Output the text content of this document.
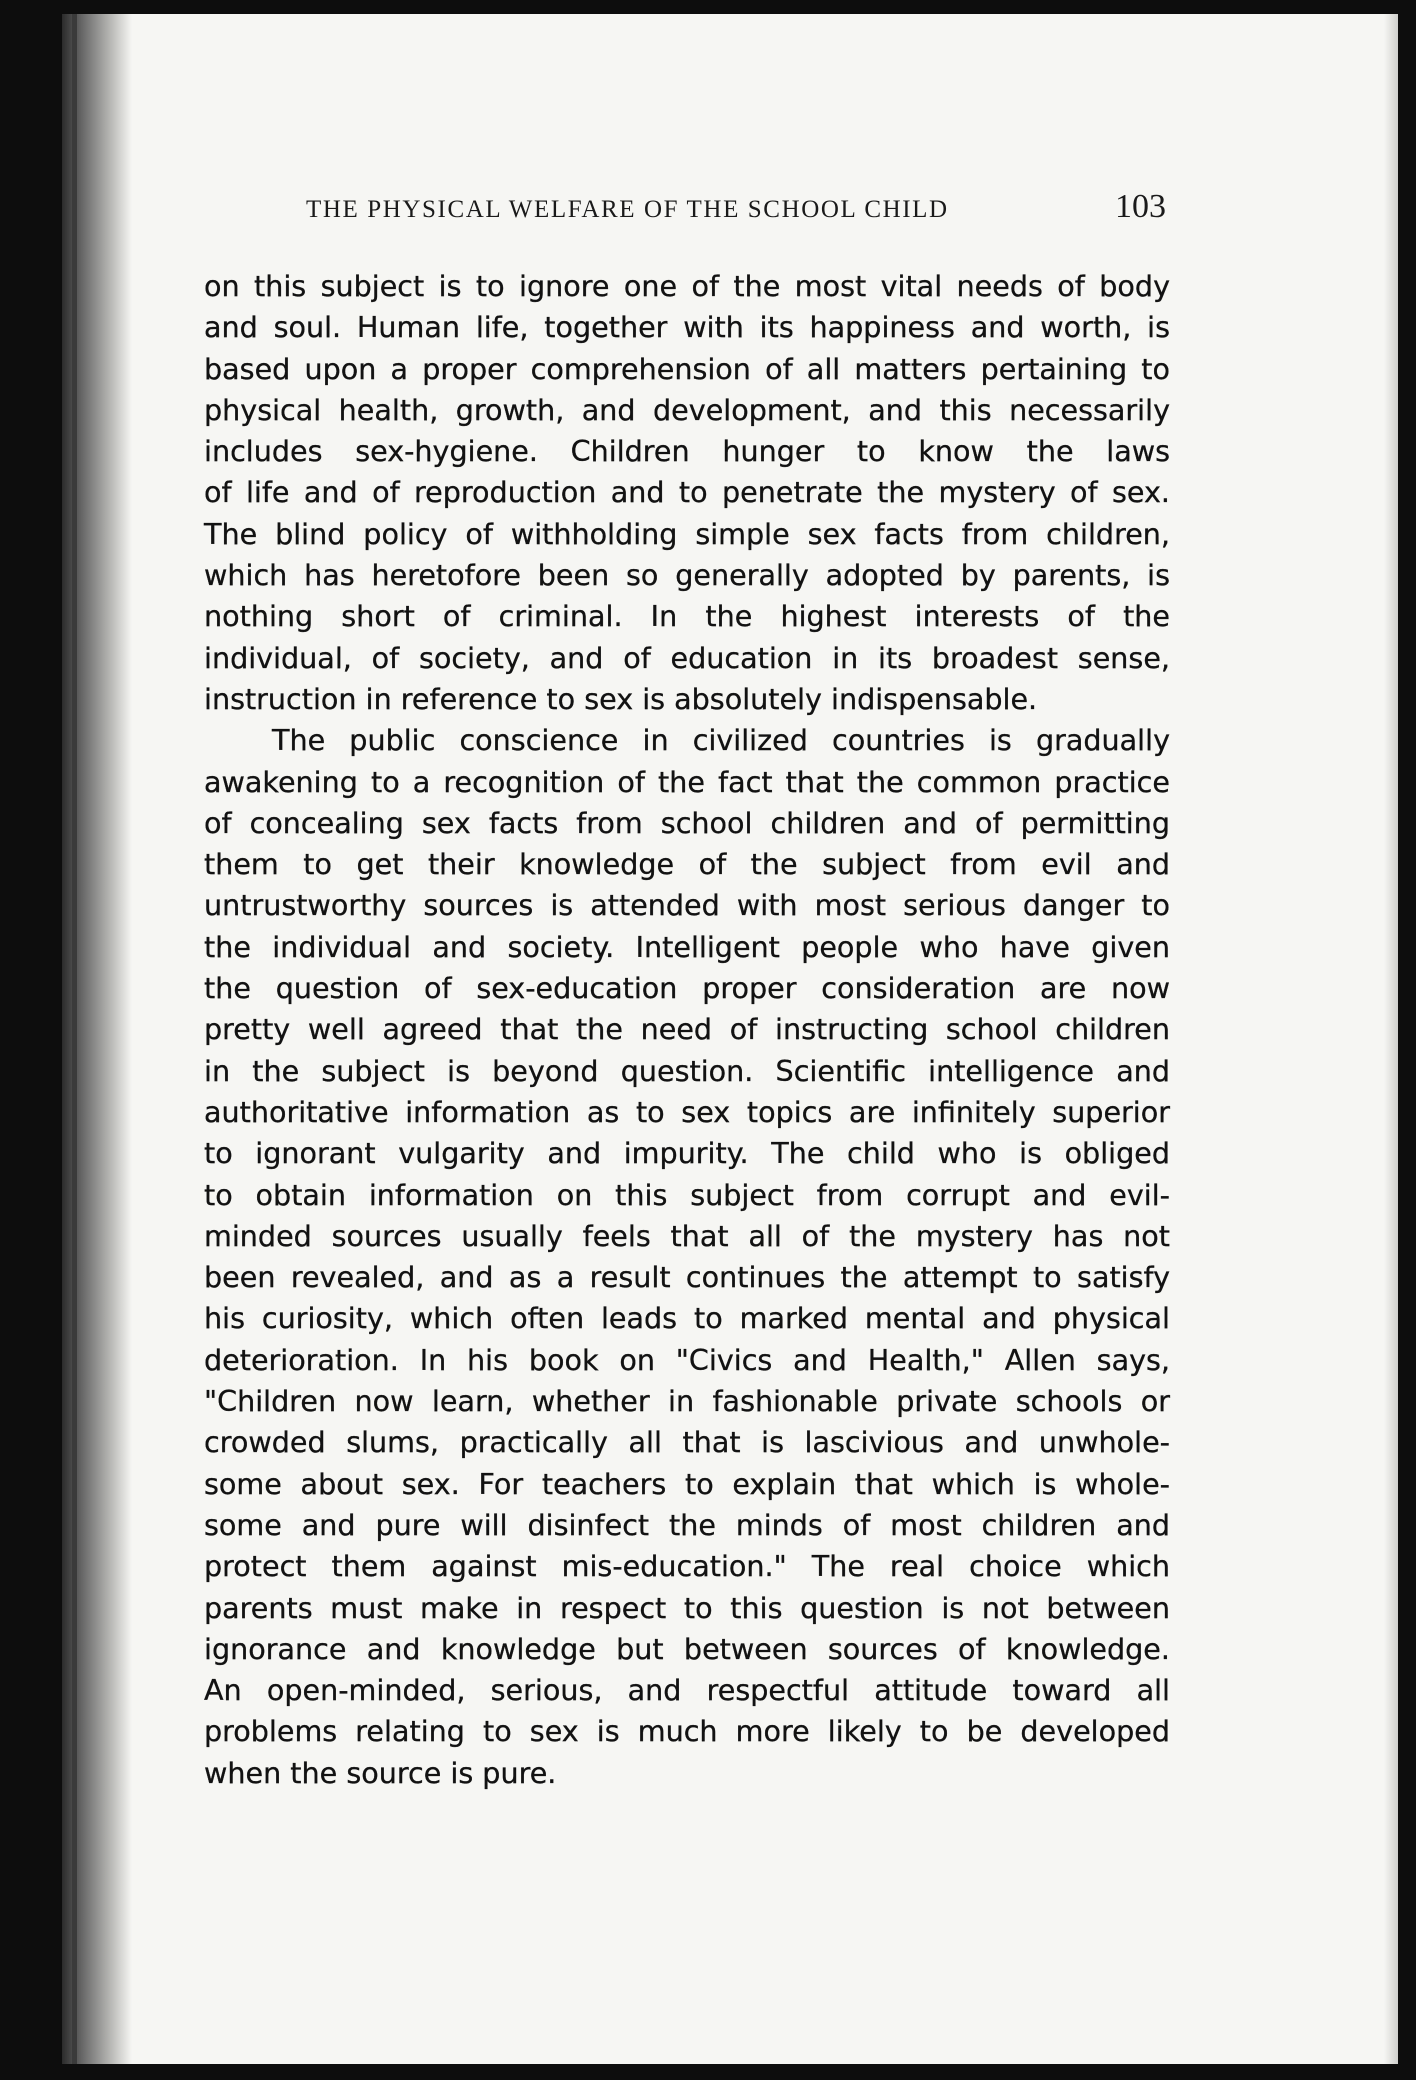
THE PHYSICAL WELFARE OF THE SCHOOL CHILD	103
on this subject is to ignore one of the most vital needs of body
and soul. Human life, together with its happiness and worth, is
based upon a proper comprehension of all matters pertaining to
physical health, growth, and development, and this necessarily
includes sex-hygiene. Children hunger to know the laws
of life and of reproduction and to penetrate the mystery of sex.
The blind policy of withholding simple sex facts from children,
which has heretofore been so generally adopted by parents, is
nothing short of criminal. In the highest interests of the
individual, of society, and of education in its broadest sense,
instruction in reference to sex is absolutely indispensable.
The public conscience in civilized countries is gradually
awakening to a recognition of the fact that the common practice
of concealing sex facts from school children and of permitting
them to get their knowledge of the subject from evil and
untrustworthy sources is attended with most serious danger to
the individual and society. Intelligent people who have given
the question of sex-education proper consideration are now
pretty well agreed that the need of instructing school children
in the subject is beyond question. Scientific intelligence and
authoritative information as to sex topics are infinitely superior
to ignorant vulgarity and impurity. The child who is obliged
to obtain information on this subject from corrupt and evil-
minded sources usually feels that all of the mystery has not
been revealed, and as a result continues the attempt to satisfy
his curiosity, which often leads to marked mental and physical
deterioration. In his book on "Civics and Health," Allen says,
"Children now learn, whether in fashionable private schools or
crowded slums, practically all that is lascivious and unwhole-
some about sex. For teachers to explain that which is whole-
some and pure will disinfect the minds of most children and
protect them against mis-education." The real choice which
parents must make in respect to this question is not between
ignorance and knowledge but between sources of knowledge.
An open-minded, serious, and respectful attitude toward all
problems relating to sex is much more likely to be developed
when the source is pure.
